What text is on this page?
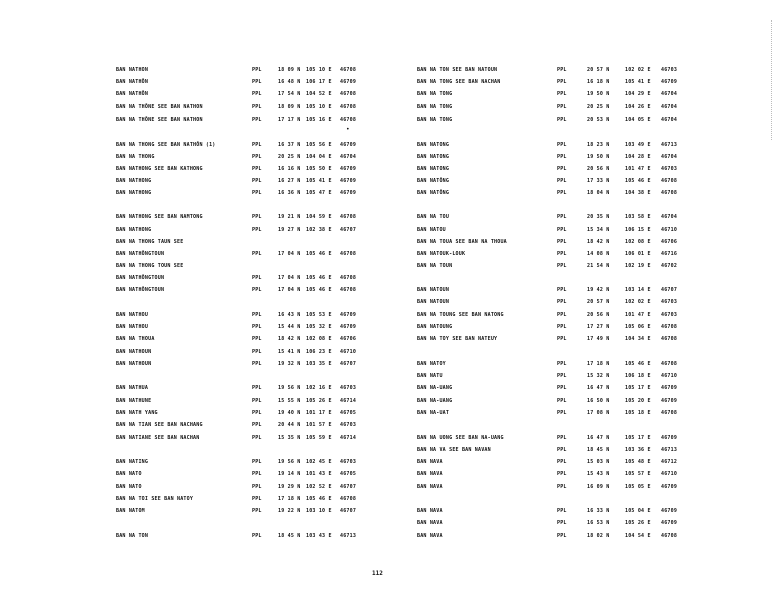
BAN NATHON	PPL	18 09 N 105 10 E 46708
BAN NATHÔN	PPL	16 48 N 106 17 E 46709
BAN NATHÔN	PPL	17 54 N 104 52 E 46708
BAN NA THÔNE SEE BAN NATHON	PPL	18 09 N 105 10 E 46708
BAN NA THÔNE SEE BAN NATHON	PPL	17 17 N 105 16 E 46708
BAN NA THONG SEE BAN NATHÔN (1)	PPL	16 37 N 105 56 E 46709
BAN NA THONG	PPL	20 25 N 104 04 E 46704
BAN NATHONG SEE BAN KATHONG	PPL	16 16 N 105 50 E 46709
BAN NATHONG	PPL	16 27 N 105 41 E 46709
BAN NATHONG	PPL	16 36 N 105 47 E 46709
BAN NATHONG SEE BAN NAMTONG	PPL	19 21 N 104 59 E 46708
BAN NATHONG	PPL	19 27 N 102 38 E 46707
BAN NA THONG TAUN SEE
BAN NATHÔNGTOUN	PPL	17 04 N 105 46 E 46708
BAN NA THONG TOUN SEE
BAN NATHÔNGTOUN	PPL	17 04 N 105 46 E 46708
BAN NATHÔNGTOUN	PPL	17 04 N 105 46 E 46708
BAN NATHOU	PPL	16 43 N 105 53 E 46709
BAN NATHOU	PPL	15 44 N 105 32 E 46709
BAN NA THOUA	PPL	18 42 N 102 08 E 46706
BAN NATHOUN	PPL	15 41 N 106 23 E 46710
BAN NATHOUN	PPL	19 32 N 103 35 E 46707
BAN NATHUA	PPL	19 56 N 102 16 E 46703
BAN NATHUNE	PPL	15 55 N 105 26 E 46714
BAN NATH YANG	PPL	19 40 N 101 17 E 46705
BAN NA TIAN SEE BAN NACHANG	PPL	20 44 N 101 57 E 46703
BAN NATIANE SEE BAN NACHAN	PPL	15 35 N 105 59 E 46714
BAN NATING	PPL	19 56 N 102 45 E 46703
BAN NATO	PPL	19 14 N 101 43 E 46705
BAN NATO	PPL	19 29 N 102 52 E 46707
BAN NA TOI SEE BAN NATOY	PPL	17 18 N 105 46 E 46708
BAN NATOM	PPL	19 22 N 103 10 E 46707
BAN NA TON	PPL	18 45 N 103 43 E 46713
BAN NA TON SEE BAN NATOUN	PPL	20 57 N	102 02 E 46703
BAN NA TONG SEE BAN NACHAN	PPL	16 18 N	105 41 E 46709
BAN NA TONG	PPL	19 50 N	104 29 E 46704
BAN NA TONG	PPL	20 25 N	104 26 E 46704
BAN NA TONG	PPL	20 53 N	104 05 E 46704
BAN NATONG	PPL	18 23 N	103 49 E 46713
BAN NATONG	PPL	19 50 N	104 28 E 46704
BAN NATONG	PPL	20 56 N	101 47 E 46703
BAN NATÔNG	PPL	17 33 N	105 46 E 46708
BAN NATÔNG	PPL	18 04 N	104 38 E 46708
BAN NA TOU	PPL	20 35 N	103 58 E 46704
BAN NATOU	PPL	15 34 N	106 15 E 46710
BAN NA TOUA SEE BAN NA THOUA	PPL	18 42 N	102 08 E 46706
BAN NATOUK-LOUK	PPL	14 08 N	106 01 E 46716
BAN NA TOUN	PPL	21 54 N	102 19 E 46702
BAN NATOUN	PPL	19 42 N	103 14 E 46707
BAN NATOUN	PPL	20 57 N	102 02 E 46703
BAN NA TOUNG SEE BAN NATONG	PPL	20 56 N	101 47 E 46703
BAN NATOUNG	PPL	17 27 N	105 06 E 46708
BAN NA TOY SEE BAN NATEUY	PPL	17 49 N	104 34 E 46708
BAN NATOY	PPL	17 18 N	105 46 E 46708
BAN NATU	PPL	15 32 N	106 18 E 46710
BAN NA-UANG	PPL	16 47 N	105 17 E 46709
BAN NA-UANG	PPL	16 50 N	105 20 E 46709
BAN NA-UAT	PPL	17 08 N	105 18 E 46708
BAN NA UONG SEE BAN NA-UANG	PPL	16 47 N	105 17 E 46709
BAN NA VA SEE BAN NAVAN	PPL	18 45 N	103 36 E 46713
BAN NAVA	PPL	15 03 N	105 48 E 46712
BAN NAVA	PPL	15 43 N	105 57 E 46710
BAN NAVA	PPL	16 09 N	105 05 E 46709
BAN NAVA	PPL	16 33 N	105 04 E 46709
BAN NAVA	PPL	16 53 N	105 26 E 46709
BAN NAVA	PPL	18 02 N	104 54 E 46708
•
112
